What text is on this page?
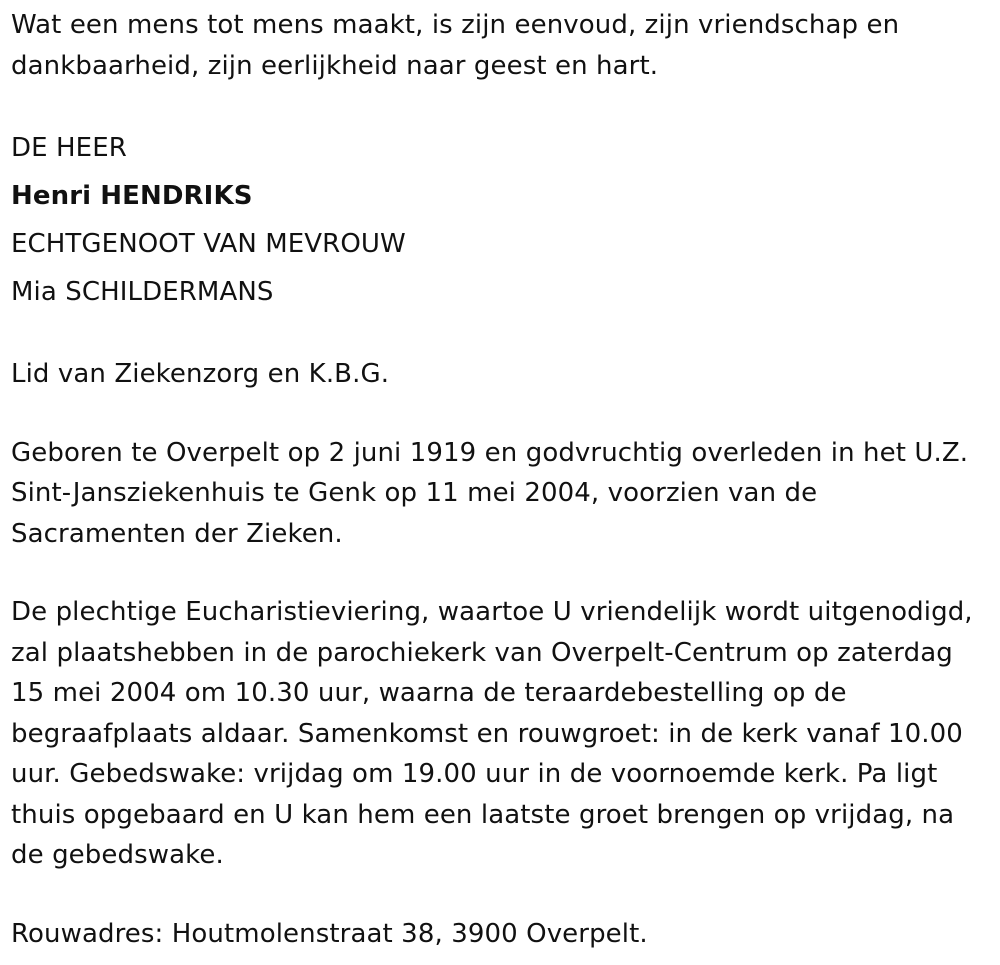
Wat een mens tot mens maakt, is zijn eenvoud, zijn vriendschap en
dankbaarheid, zijn eerlijkheid naar geest en hart.
DE HEER
Henri HENDRIKS
ECHTGENOOT VAN MEVROUW
Mia SCHILDERMANS
Lid van Ziekenzorg en K.B.G.
Geboren te Overpelt op 2 juni 1919 en godvruchtig overleden in het U.Z.
Sint-Jansziekenhuis te Genk op 11 mei 2004, voorzien van de
Sacramenten der Zieken.
De plechtige Eucharistieviering, waartoe U vriendelijk wordt uitgenodigd,
zal plaatshebben in de parochiekerk van Overpelt-Centrum op zaterdag
15 mei 2004 om 10.30 uur, waarna de teraardebestelling op de
begraafplaats aldaar. Samenkomst en rouwgroet: in de kerk vanaf 10.00
uur. Gebedswake: vrijdag om 19.00 uur in de voornoemde kerk. Pa ligt
thuis opgebaard en U kan hem een laatste groet brengen op vrijdag, na
de gebedswake.
Rouwadres: Houtmolenstraat 38, 3900 Overpelt.
